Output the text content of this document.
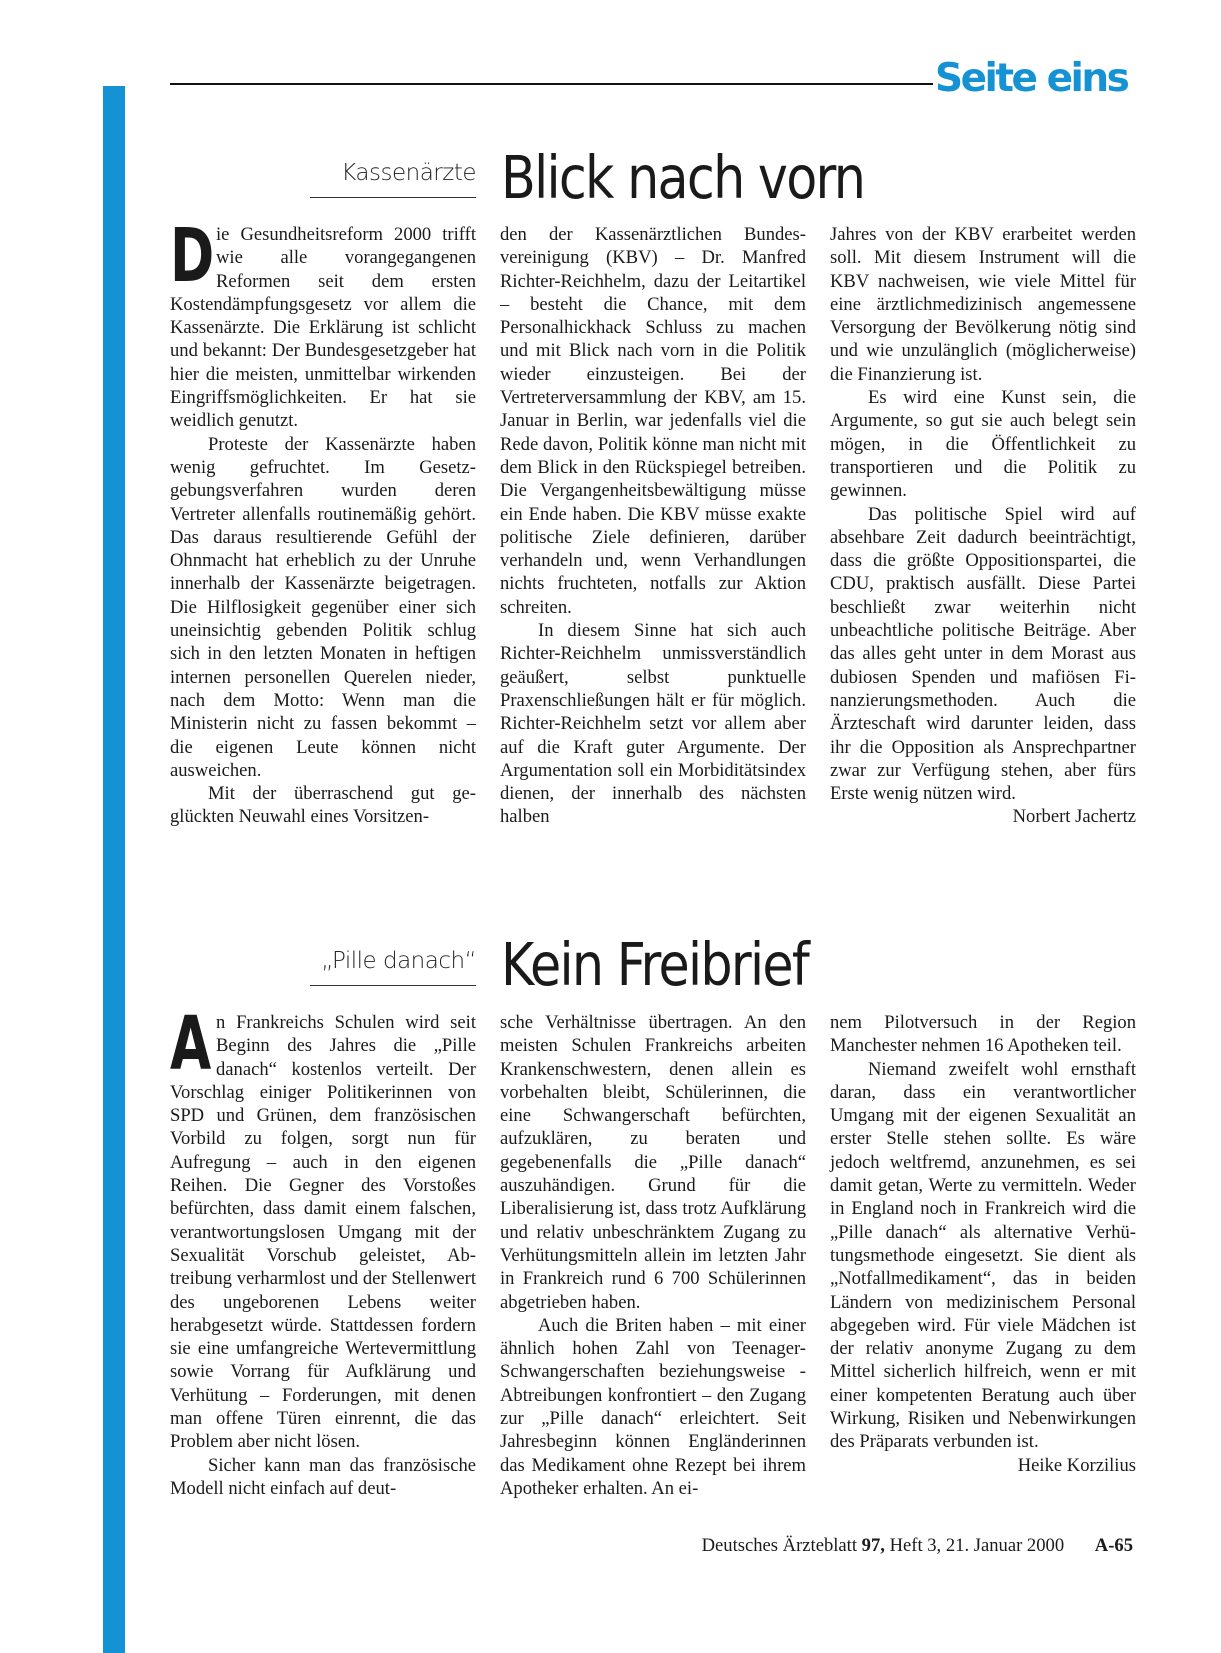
Seite eins
Kassenärzte Blick nach vorn

Die Gesundheitsreform 2000 trifft wie alle vorangegangenen Reformen seit dem ersten Kostendämpfungsgesetz vor allem die Kassenärzte. Die Erklärung ist schlicht und bekannt: Der Bundesgesetzgeber hat hier die meisten, unmittelbar wirkenden Eingriffsmöglichkeiten. Er hat sie weidlich genutzt.

Proteste der Kassenärzte haben wenig gefruchtet. Im Gesetzgebungsverfahren wurden deren Vertreter allenfalls routinemäßig gehört. Das daraus resultierende Gefühl der Ohnmacht hat erheblich zu der Unruhe innerhalb der Kassenärzte beigetragen. Die Hilflosigkeit gegenüber einer sich uneinsichtig gebenden Politik schlug sich in den letzten Monaten in heftigen internen personellen Querelen nieder, nach dem Motto: Wenn man die Ministerin nicht zu fassen bekommt – die eigenen Leute können nicht ausweichen.

Mit der überraschend gut geglückten Neuwahl eines Vorsitzen-

den der Kassenärztlichen Bundesvereinigung (KBV) – Dr. Manfred Richter-Reichhelm, dazu der Leitartikel – besteht die Chance, mit dem Personalhickhack Schluss zu machen und mit Blick nach vorn in die Politik wieder einzusteigen. Bei der Vertreterversammlung der KBV, am 15. Januar in Berlin, war jedenfalls viel die Rede davon, Politik könne man nicht mit dem Blick in den Rückspiegel betreiben. Die Vergangenheitsbewältigung müsse ein Ende haben. Die KBV müsse exakte politische Ziele definieren, darüber verhandeln und, wenn Verhandlungen nichts fruchteten, notfalls zur Aktion schreiten.

In diesem Sinne hat sich auch Richter-Reichhelm unmissverständlich geäußert, selbst punktuelle Praxenschließungen hält er für möglich. Richter-Reichhelm setzt vor allem aber auf die Kraft guter Argumente. Der Argumentation soll ein Morbiditätsindex dienen, der innerhalb des nächsten halben

Jahres von der KBV erarbeitet werden soll. Mit diesem Instrument will die KBV nachweisen, wie viele Mittel für eine ärztlichmedizinisch angemessene Versorgung der Bevölkerung nötig sind und wie unzulänglich (möglicherweise) die Finanzierung ist.

Es wird eine Kunst sein, die Argumente, so gut sie auch belegt sein mögen, in die Öffentlichkeit zu transportieren und die Politik zu gewinnen.

Das politische Spiel wird auf absehbare Zeit dadurch beeinträchtigt, dass die größte Oppositionspartei, die CDU, praktisch ausfällt. Diese Partei beschließt zwar weiterhin nicht unbeachtliche politische Beiträge. Aber das alles geht unter in dem Morast aus dubiosen Spenden und mafiösen Finanzierungsmethoden. Auch die Ärzteschaft wird darunter leiden, dass ihr die Opposition als Ansprechpartner zwar zur Verfügung stehen, aber fürs Erste wenig nützen wird.
Norbert Jachertz

„Pille danach“ Kein Freibrief

An Frankreichs Schulen wird seit Beginn des Jahres die „Pille danach“ kostenlos verteilt. Der Vorschlag einiger Politikerinnen von SPD und Grünen, dem französischen Vorbild zu folgen, sorgt nun für Aufregung – auch in den eigenen Reihen. Die Gegner des Vorstoßes befürchten, dass damit einem falschen, verantwortungslosen Umgang mit der Sexualität Vorschub geleistet, Abtreibung verharmlost und der Stellenwert des ungeborenen Lebens weiter herabgesetzt würde. Stattdessen fordern sie eine umfangreiche Wertevermittlung sowie Vorrang für Aufklärung und Verhütung – Forderungen, mit denen man offene Türen einrennt, die das Problem aber nicht lösen.

Sicher kann man das französische Modell nicht einfach auf deut-

sche Verhältnisse übertragen. An den meisten Schulen Frankreichs arbeiten Krankenschwestern, denen allein es vorbehalten bleibt, Schülerinnen, die eine Schwangerschaft befürchten, aufzuklären, zu beraten und gegebenenfalls die „Pille danach“ auszuhändigen. Grund für die Liberalisierung ist, dass trotz Aufklärung und relativ unbeschränktem Zugang zu Verhütungsmitteln allein im letzten Jahr in Frankreich rund 6 700 Schülerinnen abgetrieben haben.

Auch die Briten haben – mit einer ähnlich hohen Zahl von Teenager-Schwangerschaften beziehungsweise -Abtreibungen konfrontiert – den Zugang zur „Pille danach“ erleichtert. Seit Jahresbeginn können Engländerinnen das Medikament ohne Rezept bei ihrem Apotheker erhalten. An ei-

nem Pilotversuch in der Region Manchester nehmen 16 Apotheken teil.

Niemand zweifelt wohl ernsthaft daran, dass ein verantwortlicher Umgang mit der eigenen Sexualität an erster Stelle stehen sollte. Es wäre jedoch weltfremd, anzunehmen, es sei damit getan, Werte zu vermitteln. Weder in England noch in Frankreich wird die „Pille danach“ als alternative Verhütungsmethode eingesetzt. Sie dient als „Notfallmedikament“, das in beiden Ländern von medizinischem Personal abgegeben wird. Für viele Mädchen ist der relativ anonyme Zugang zu dem Mittel sicherlich hilfreich, wenn er mit einer kompetenten Beratung auch über Wirkung, Risiken und Nebenwirkungen des Präparats verbunden ist.
Heike Korzilius

Deutsches Ärzteblatt 97, Heft 3, 21. Januar 2000 A-65
